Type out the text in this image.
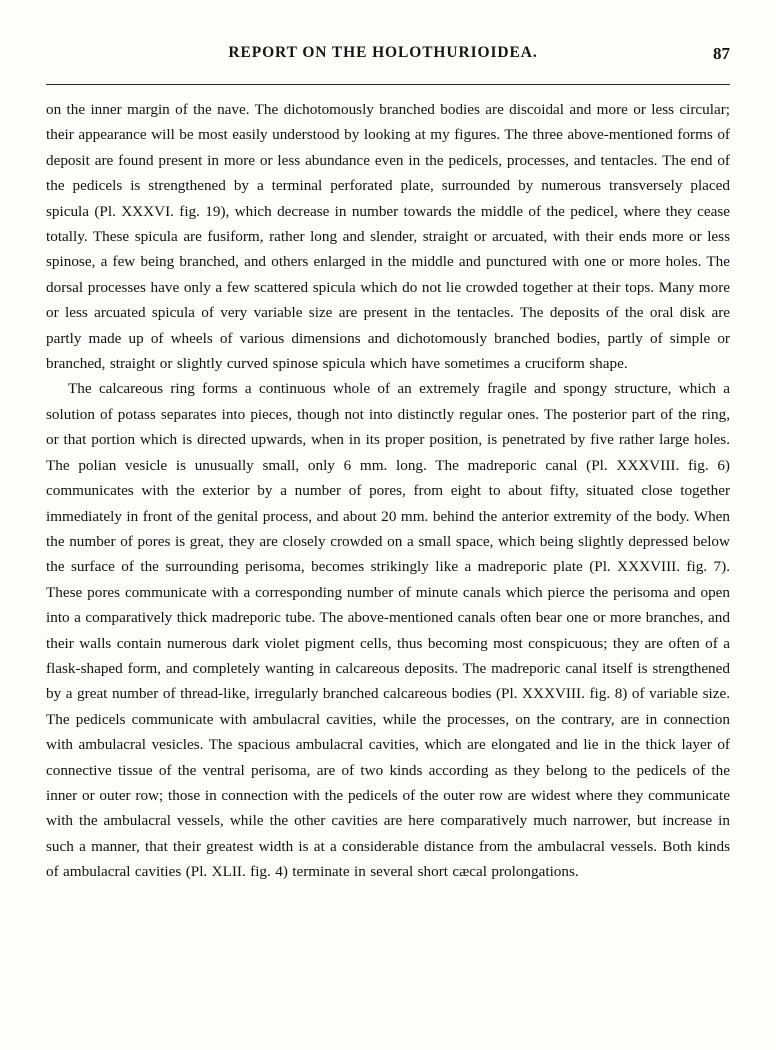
REPORT ON THE HOLOTHURIOIDEA.	87

on the inner margin of the nave. The dichotomously branched bodies are discoidal and more or less circular; their appearance will be most easily understood by looking at my figures. The three above-mentioned forms of deposit are found present in more or less abundance even in the pedicels, processes, and tentacles. The end of the pedicels is strengthened by a terminal perforated plate, surrounded by numerous transversely placed spicula (Pl. XXXVI. fig. 19), which decrease in number towards the middle of the pedicel, where they cease totally. These spicula are fusiform, rather long and slender, straight or arcuated, with their ends more or less spinose, a few being branched, and others enlarged in the middle and punctured with one or more holes. The dorsal processes have only a few scattered spicula which do not lie crowded together at their tops. Many more or less arcuated spicula of very variable size are present in the tentacles. The deposits of the oral disk are partly made up of wheels of various dimensions and dichotomously branched bodies, partly of simple or branched, straight or slightly curved spinose spicula which have sometimes a cruciform shape.

The calcareous ring forms a continuous whole of an extremely fragile and spongy structure, which a solution of potass separates into pieces, though not into distinctly regular ones. The posterior part of the ring, or that portion which is directed upwards, when in its proper position, is penetrated by five rather large holes. The polian vesicle is unusually small, only 6 mm. long. The madreporic canal (Pl. XXXVIII. fig. 6) communicates with the exterior by a number of pores, from eight to about fifty, situated close together immediately in front of the genital process, and about 20 mm. behind the anterior extremity of the body. When the number of pores is great, they are closely crowded on a small space, which being slightly depressed below the surface of the surrounding perisoma, becomes strikingly like a madreporic plate (Pl. XXXVIII. fig. 7). These pores communicate with a corresponding number of minute canals which pierce the perisoma and open into a comparatively thick madreporic tube. The above-mentioned canals often bear one or more branches, and their walls contain numerous dark violet pigment cells, thus becoming most conspicuous; they are often of a flask-shaped form, and completely wanting in calcareous deposits. The madreporic canal itself is strengthened by a great number of thread-like, irregularly branched calcareous bodies (Pl. XXXVIII. fig. 8) of variable size. The pedicels communicate with ambulacral cavities, while the processes, on the contrary, are in connection with ambulacral vesicles. The spacious ambulacral cavities, which are elongated and lie in the thick layer of connective tissue of the ventral perisoma, are of two kinds according as they belong to the pedicels of the inner or outer row; those in connection with the pedicels of the outer row are widest where they communicate with the ambulacral vessels, while the other cavities are here comparatively much narrower, but increase in such a manner, that their greatest width is at a considerable distance from the ambulacral vessels. Both kinds of ambulacral cavities (Pl. XLII. fig. 4) terminate in several short cæcal prolongations.
